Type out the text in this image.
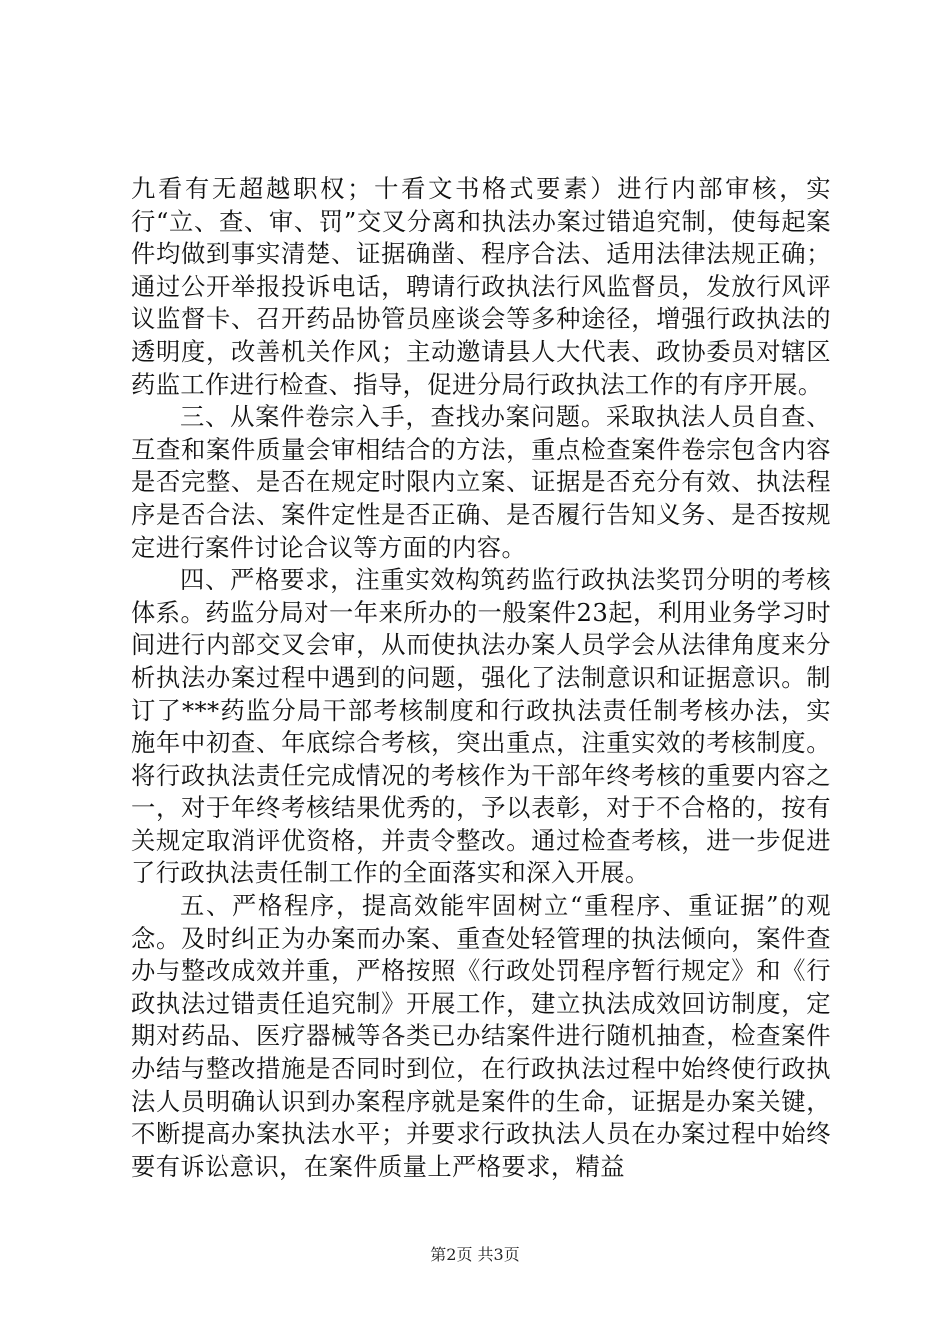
九看有无超越职权；十看文书格式要素）进行内部审核，实行“立、查、审、罚”交叉分离和执法办案过错追究制，使每起案件均做到事实清楚、证据确凿、程序合法、适用法律法规正确；通过公开举报投诉电话，聘请行政执法行风监督员，发放行风评议监督卡、召开药品协管员座谈会等多种途径，增强行政执法的透明度，改善机关作风；主动邀请县人大代表、政协委员对辖区药监工作进行检查、指导，促进分局行政执法工作的有序开展。

三、从案件卷宗入手，查找办案问题。采取执法人员自查、互查和案件质量会审相结合的方法，重点检查案件卷宗包含内容是否完整、是否在规定时限内立案、证据是否充分有效、执法程序是否合法、案件定性是否正确、是否履行告知义务、是否按规定进行案件讨论合议等方面的内容。

四、严格要求，注重实效构筑药监行政执法奖罚分明的考核体系。药监分局对一年来所办的一般案件23起，利用业务学习时间进行内部交叉会审，从而使执法办案人员学会从法律角度来分析执法办案过程中遇到的问题，强化了法制意识和证据意识。制订了***药监分局干部考核制度和行政执法责任制考核办法，实施年中初查、年底综合考核，突出重点，注重实效的考核制度。将行政执法责任完成情况的考核作为干部年终考核的重要内容之一，对于年终考核结果优秀的，予以表彰，对于不合格的，按有关规定取消评优资格，并责令整改。通过检查考核，进一步促进了行政执法责任制工作的全面落实和深入开展。

五、严格程序，提高效能牢固树立“重程序、重证据”的观念。及时纠正为办案而办案、重查处轻管理的执法倾向，案件查办与整改成效并重，严格按照《行政处罚程序暂行规定》和《行政执法过错责任追究制》开展工作，建立执法成效回访制度，定期对药品、医疗器械等各类已办结案件进行随机抽查，检查案件办结与整改措施是否同时到位，在行政执法过程中始终使行政执法人员明确认识到办案程序就是案件的生命，证据是办案关键，不断提高办案执法水平；并要求行政执法人员在办案过程中始终要有诉讼意识，在案件质量上严格要求，精益

第2页 共3页
